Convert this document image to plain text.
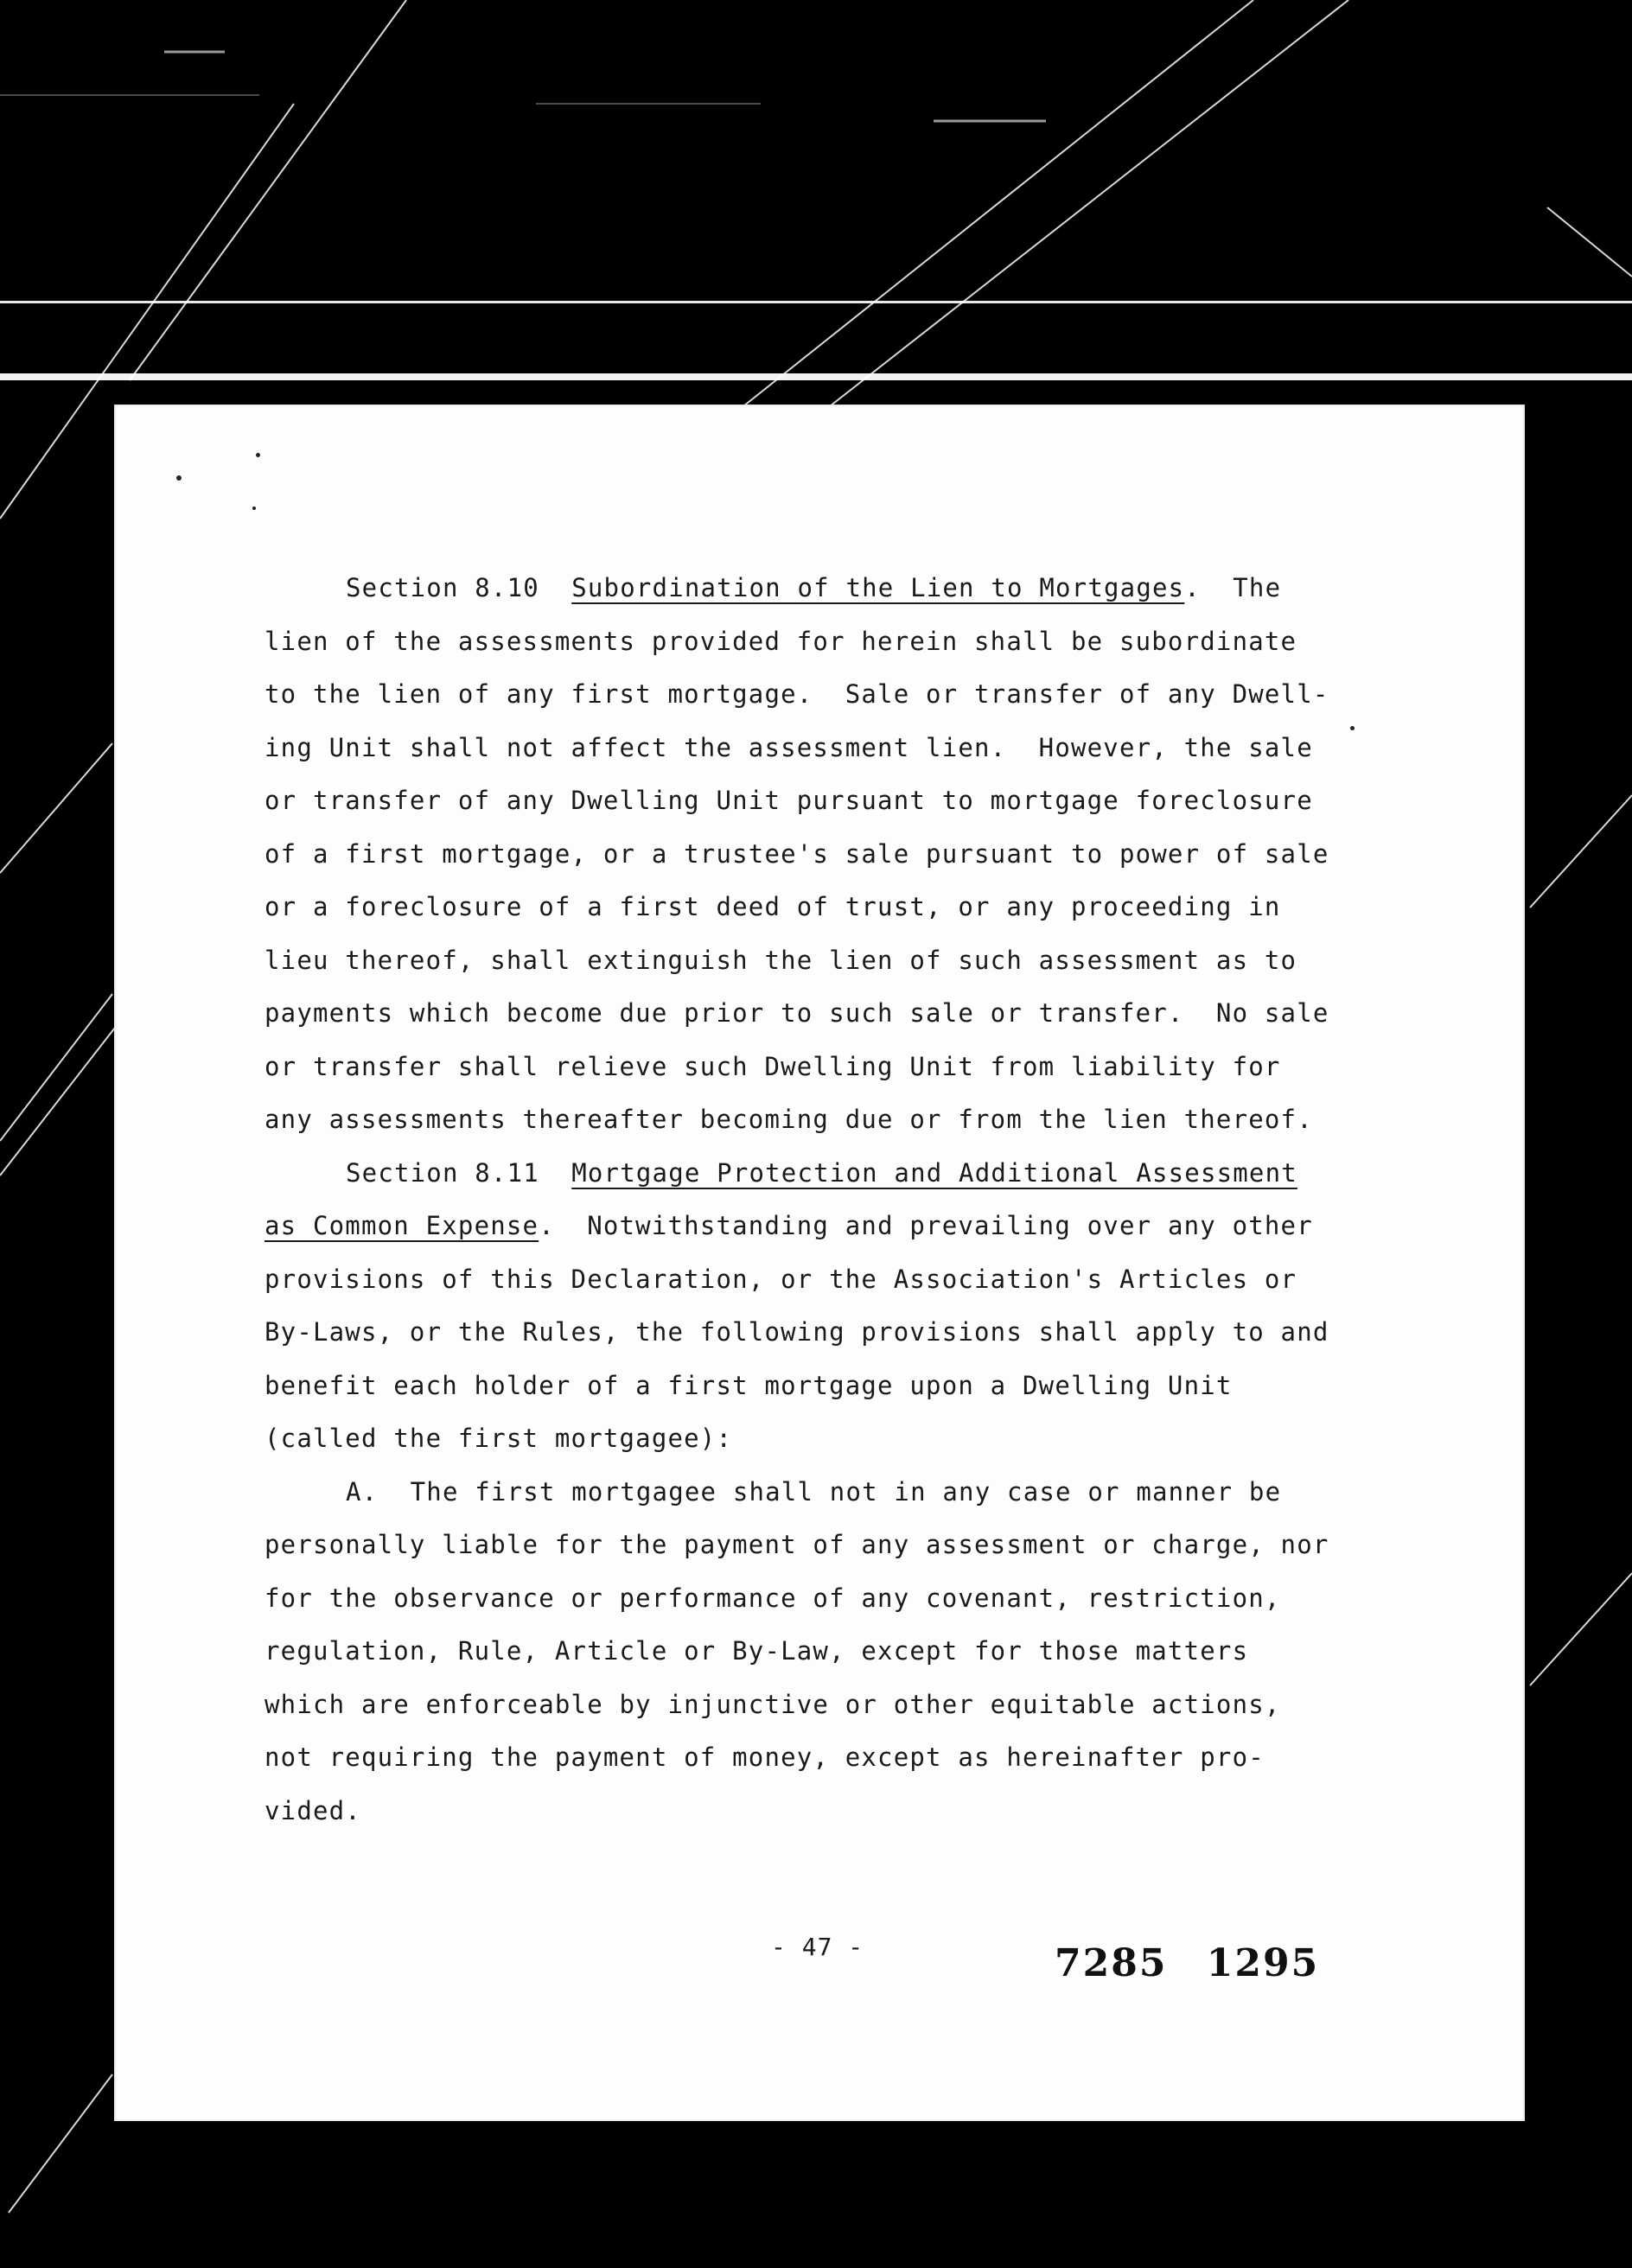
Section 8.10  Subordination of the Lien to Mortgages.  The
lien of the assessments provided for herein shall be subordinate
to the lien of any first mortgage.  Sale or transfer of any Dwell-
ing Unit shall not affect the assessment lien.  However, the sale
or transfer of any Dwelling Unit pursuant to mortgage foreclosure
of a first mortgage, or a trustee's sale pursuant to power of sale
or a foreclosure of a first deed of trust, or any proceeding in
lieu thereof, shall extinguish the lien of such assessment as to
payments which become due prior to such sale or transfer.  No sale
or transfer shall relieve such Dwelling Unit from liability for
any assessments thereafter becoming due or from the lien thereof.
Section 8.11  Mortgage Protection and Additional Assessment
as Common Expense.  Notwithstanding and prevailing over any other
provisions of this Declaration, or the Association's Articles or
By-Laws, or the Rules, the following provisions shall apply to and
benefit each holder of a first mortgage upon a Dwelling Unit
(called the first mortgagee):
A.  The first mortgagee shall not in any case or manner be
personally liable for the payment of any assessment or charge, nor
for the observance or performance of any covenant, restriction,
regulation, Rule, Article or By-Law, except for those matters
which are enforceable by injunctive or other equitable actions,
not requiring the payment of money, except as hereinafter pro-
vided.
- 47 -	7285 1295
